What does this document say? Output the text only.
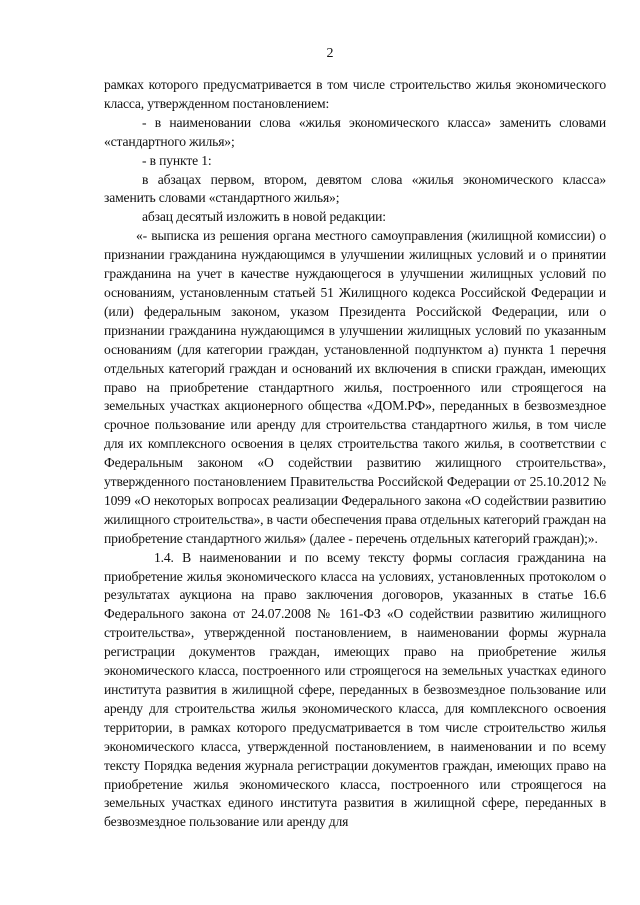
2

рамках которого предусматривается в том числе строительство жилья экономического класса, утвержденном постановлением:

- в наименовании слова «жилья экономического класса» заменить словами «стандартного жилья»;

- в пункте 1:

в абзацах первом, втором, девятом слова «жилья экономического класса» заменить словами «стандартного жилья»;

абзац десятый изложить в новой редакции:

«- выписка из решения органа местного самоуправления (жилищной комиссии) о признании гражданина нуждающимся в улучшении жилищных условий и о принятии гражданина на учет в качестве нуждающегося в улучшении жилищных условий по основаниям, установленным статьей 51 Жилищного кодекса Российской Федерации и (или) федеральным законом, указом Президента Российской Федерации, или о признании гражданина нуждающимся в улучшении жилищных условий по указанным основаниям (для категории граждан, установленной подпунктом а) пункта 1 перечня отдельных категорий граждан и оснований их включения в списки граждан, имеющих право на приобретение стандартного жилья, построенного или строящегося на земельных участках акционерного общества «ДОМ.РФ», переданных в безвозмездное срочное пользование или аренду для строительства стандартного жилья, в том числе для их комплексного освоения в целях строительства такого жилья, в соответствии с Федеральным законом «О содействии развитию жилищного строительства», утвержденного постановлением Правительства Российской Федерации от 25.10.2012 № 1099 «О некоторых вопросах реализации Федерального закона «О содействии развитию жилищного строительства», в части обеспечения права отдельных категорий граждан на приобретение стандартного жилья» (далее - перечень отдельных категорий граждан);».

1.4. В наименовании и по всему тексту формы согласия гражданина на приобретение жилья экономического класса на условиях, установленных протоколом о результатах аукциона на право заключения договоров, указанных в статье 16.6 Федерального закона от 24.07.2008 № 161-ФЗ «О содействии развитию жилищного строительства», утвержденной постановлением, в наименовании формы журнала регистрации документов граждан, имеющих право на приобретение жилья экономического класса, построенного или строящегося на земельных участках единого института развития в жилищной сфере, переданных в безвозмездное пользование или аренду для строительства жилья экономического класса, для комплексного освоения территории, в рамках которого предусматривается в том числе строительство жилья экономического класса, утвержденной постановлением, в наименовании и по всему тексту Порядка ведения журнала регистрации документов граждан, имеющих право на приобретение жилья экономического класса, построенного или строящегося на земельных участках единого института развития в жилищной сфере, переданных в безвозмездное пользование или аренду для
